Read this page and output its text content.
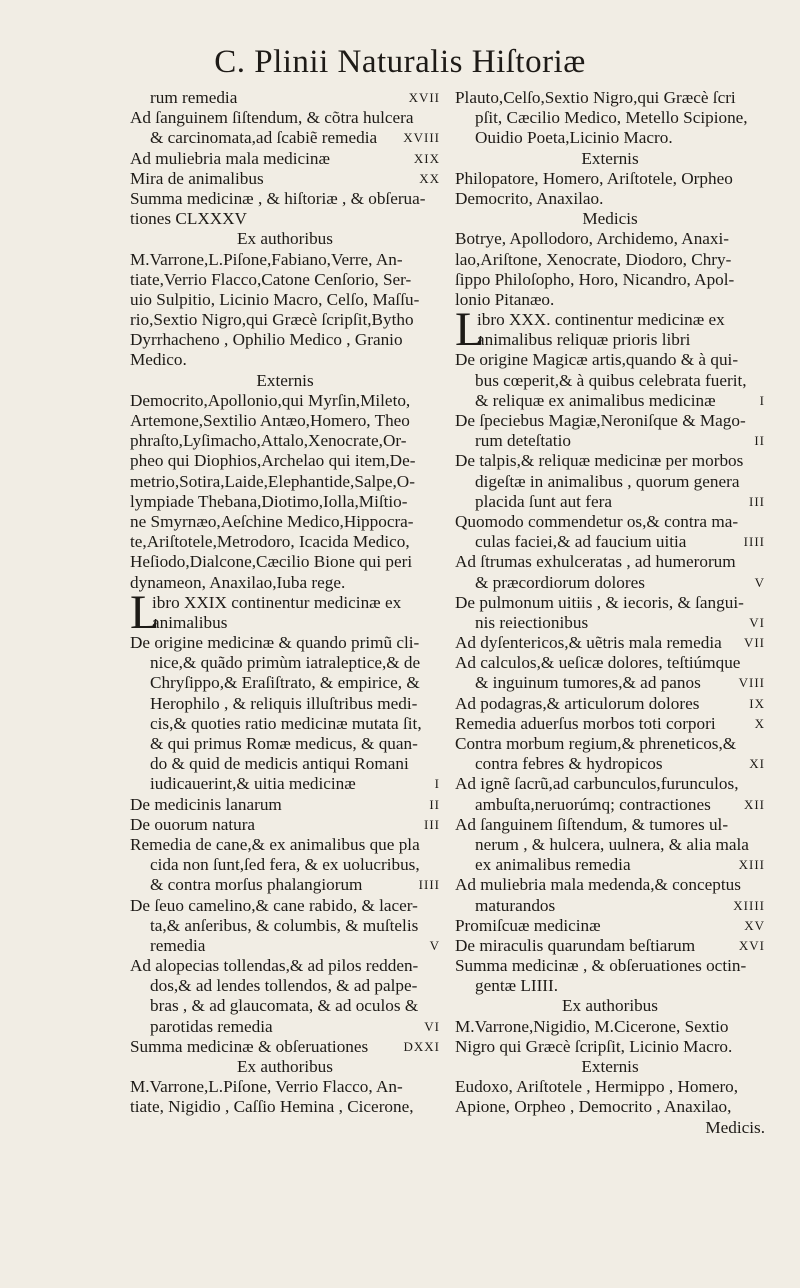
C. Plinii Naturalis Hiſtoriæ
rum remedia	XVII
Ad ſanguinem ſiſtendum, & cõtra hulcera
& carcinomata,ad ſcabiẽ remedia XVIII
Ad muliebria mala medicinæ	XIX
Mira de animalibus	XX
Summa medicinæ , & hiſtoriæ , & obſerua-
tiones CLXXXV
Ex authoribus
M.Varrone,L.Piſone,Fabiano,Verre, An-
tiate,Verrio Flacco,Catone Cenſorio, Ser-
uio Sulpitio, Licinio Macro, Celſo, Maſſu-
rio,Sextio Nigro,qui Græcè ſcripſit,Bytho
Dyrrhacheno , Ophilio Medico , Granio
Medico.
Externis
Democrito,Apollonio,qui Myrſin,Mileto,
Artemone,Sextilio Antæo,Homero, Theo
phraſto,Lyſimacho,Attalo,Xenocrate,Or-
pheo qui Diophios,Archelao qui item,De-
metrio,Sotira,Laide,Elephantide,Salpe,O-
lympiade Thebana,Diotimo,Iolla,Miſtio-
ne Smyrnæo,Aeſchine Medico,Hippocra-
te,Ariſtotele,Metrodoro, Icacida Medico,
Heſiodo,Dialcone,Cæcilio Bione qui peri
dynameon, Anaxilao,Iuba rege.
L
ibro XXIX continentur medicinæ ex
animalibus
De origine medicinæ & quando primũ cli-
nice,& quãdo primùm iatraleptice,& de
Chryſippo,& Eraſiſtrato, & empirice, &
Herophilo , & reliquis illuſtribus medi-
cis,& quoties ratio medicinæ mutata ſit,
& qui primus Romæ medicus, & quan-
do & quid de medicis antiqui Romani
iudicauerint,& uitia medicinæ	I
De medicinis lanarum	II
De ouorum natura	III
Remedia de cane,& ex animalibus que pla
cida non ſunt,ſed fera, & ex uolucribus,
& contra morſus phalangiorum	IIII
De ſeuo camelino,& cane rabido, & lacer-
ta,& anſeribus, & columbis, & muſtelis
remedia	V
Ad alopecias tollendas,& ad pilos redden-
dos,& ad lendes tollendos, & ad palpe-
bras , & ad glaucomata, & ad oculos &
parotidas remedia	VI
Summa medicinæ & obſeruationes	DXXI
Ex authoribus
M.Varrone,L.Piſone, Verrio Flacco, An-
tiate, Nigidio , Caſſio Hemina , Cicerone,
Plauto,Celſo,Sextio Nigro,qui Græcè ſcri
pſit, Cæcilio Medico, Metello Scipione,
Ouidio Poeta,Licinio Macro.
Externis
Philopatore, Homero, Ariſtotele, Orpheo
Democrito, Anaxilao.
Medicis
Botrye, Apollodoro, Archidemo, Anaxi-
lao,Ariſtone, Xenocrate, Diodoro, Chry-
ſippo Philoſopho, Horo, Nicandro, Apol-
lonio Pitanæo.
L
ibro XXX. continentur medicinæ ex
animalibus reliquæ prioris libri
De origine Magicæ artis,quando & à qui-
bus cœperit,& à quibus celebrata fuerit,
& reliquæ ex animalibus medicinæ	I
De ſpeciebus Magiæ,Neroniſque & Mago-
rum deteſtatio	II
De talpis,& reliquæ medicinæ per morbos
digeſtæ in animalibus , quorum genera
placida ſunt aut fera	III
Quomodo commendetur os,& contra ma-
culas faciei,& ad faucium uitia	IIII
Ad ſtrumas exhulceratas , ad humerorum
& præcordiorum dolores	V
De pulmonum uitiis , & iecoris, & ſangui-
nis reiectionibus	VI
Ad dyſentericos,& uẽtris mala remedia VII
Ad calculos,& ueſicæ dolores, teſtiúmque
& inguinum tumores,& ad panos	VIII
Ad podagras,& articulorum dolores	IX
Remedia aduerſus morbos toti corpori	X
Contra morbum regium,& phreneticos,&
contra febres & hydropicos	XI
Ad ignẽ ſacrũ,ad carbunculos,furunculos,
ambuſta,neruorúmq; contractiones	XII
Ad ſanguinem ſiſtendum, & tumores ul-
nerum , & hulcera, uulnera, & alia mala
ex animalibus remedia	XIII
Ad muliebria mala medenda,& conceptus
maturandos	XIIII
Promiſcuæ medicinæ	XV
De miraculis quarundam beſtiarum	XVI
Summa medicinæ , & obſeruationes octin-
gentæ LIIII.
Ex authoribus
M.Varrone,Nigidio, M.Cicerone, Sextio
Nigro qui Græcè ſcripſit, Licinio Macro.
Externis
Eudoxo, Ariſtotele , Hermippo , Homero,
Apione, Orpheo , Democrito , Anaxilao,
Medicis.
